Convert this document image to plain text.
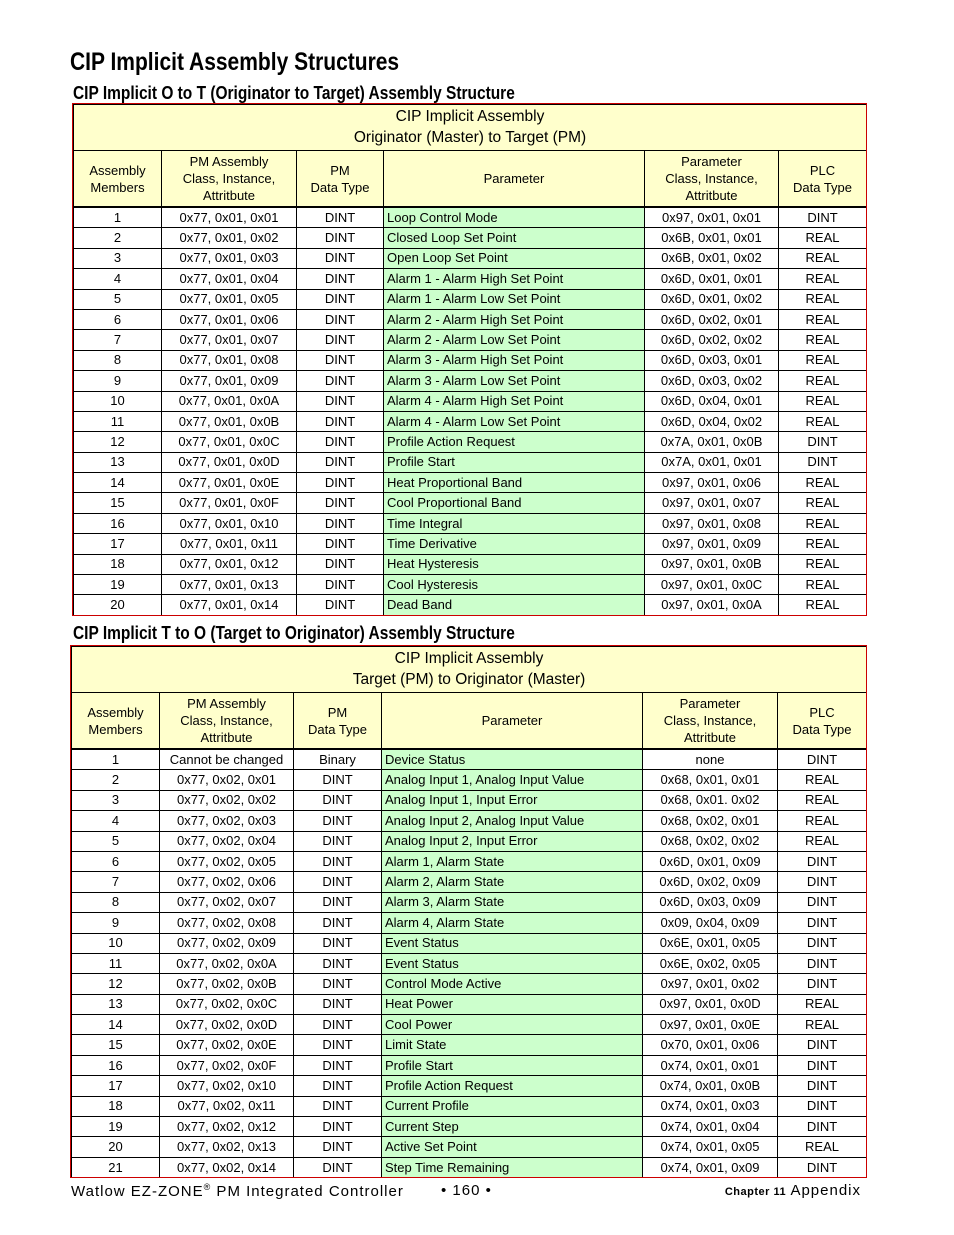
CIP Implicit Assembly Structures
CIP Implicit O to T (Originator to Target) Assembly Structure
CIP Implicit Assembly
Originator (Master) to Target (PM)					

Assembly
Members	PM Assembly
Class, Instance,
Attritbute	PM
Data Type	Parameter	Parameter
Class, Instance,
Attritbute	PLC
Data Type
1	0x77, 0x01, 0x01	DINT	Loop Control Mode	0x97, 0x01, 0x01	DINT
2	0x77, 0x01, 0x02	DINT	Closed Loop Set Point	0x6B, 0x01, 0x01	REAL
3	0x77, 0x01, 0x03	DINT	Open Loop Set Point	0x6B, 0x01, 0x02	REAL
4	0x77, 0x01, 0x04	DINT	Alarm 1 - Alarm High Set Point	0x6D, 0x01, 0x01	REAL
5	0x77, 0x01, 0x05	DINT	Alarm 1 - Alarm Low Set Point	0x6D, 0x01, 0x02	REAL
6	0x77, 0x01, 0x06	DINT	Alarm 2 - Alarm High Set Point	0x6D, 0x02, 0x01	REAL
7	0x77, 0x01, 0x07	DINT	Alarm 2 - Alarm Low Set Point	0x6D, 0x02, 0x02	REAL
8	0x77, 0x01, 0x08	DINT	Alarm 3 - Alarm High Set Point	0x6D, 0x03, 0x01	REAL
9	0x77, 0x01, 0x09	DINT	Alarm 3 - Alarm Low Set Point	0x6D, 0x03, 0x02	REAL
10	0x77, 0x01, 0x0A	DINT	Alarm 4 - Alarm High Set Point	0x6D, 0x04, 0x01	REAL
11	0x77, 0x01, 0x0B	DINT	Alarm 4 - Alarm Low Set Point	0x6D, 0x04, 0x02	REAL
12	0x77, 0x01, 0x0C	DINT	Profile Action Request	0x7A, 0x01, 0x0B	DINT
13	0x77, 0x01, 0x0D	DINT	Profile Start	0x7A, 0x01, 0x01	DINT
14	0x77, 0x01, 0x0E	DINT	Heat Proportional Band	0x97, 0x01, 0x06	REAL
15	0x77, 0x01, 0x0F	DINT	Cool Proportional Band	0x97, 0x01, 0x07	REAL
16	0x77, 0x01, 0x10	DINT	Time Integral	0x97, 0x01, 0x08	REAL
17	0x77, 0x01, 0x11	DINT	Time Derivative	0x97, 0x01, 0x09	REAL
18	0x77, 0x01, 0x12	DINT	Heat Hysteresis	0x97, 0x01, 0x0B	REAL
19	0x77, 0x01, 0x13	DINT	Cool Hysteresis	0x97, 0x01, 0x0C	REAL
20	0x77, 0x01, 0x14	DINT	Dead Band	0x97, 0x01, 0x0A	REAL
CIP Implicit T to O (Target to Originator) Assembly Structure
CIP Implicit Assembly
Target (PM) to Originator (Master)					

Assembly
Members	PM Assembly
Class, Instance,
Attritbute	PM
Data Type	Parameter	Parameter
Class, Instance,
Attritbute	PLC
Data Type
1	Cannot be changed	Binary	Device Status	none	DINT
2	0x77, 0x02, 0x01	DINT	Analog Input 1, Analog Input Value	0x68, 0x01, 0x01	REAL
3	0x77, 0x02, 0x02	DINT	Analog Input 1, Input Error	0x68, 0x01. 0x02	REAL
4	0x77, 0x02, 0x03	DINT	Analog Input 2, Analog Input Value	0x68, 0x02, 0x01	REAL
5	0x77, 0x02, 0x04	DINT	Analog Input 2, Input Error	0x68, 0x02, 0x02	REAL
6	0x77, 0x02, 0x05	DINT	Alarm 1, Alarm State	0x6D, 0x01, 0x09	DINT
7	0x77, 0x02, 0x06	DINT	Alarm 2, Alarm State	0x6D, 0x02, 0x09	DINT
8	0x77, 0x02, 0x07	DINT	Alarm 3, Alarm State	0x6D, 0x03, 0x09	DINT
9	0x77, 0x02, 0x08	DINT	Alarm 4, Alarm State	0x09, 0x04, 0x09	DINT
10	0x77, 0x02, 0x09	DINT	Event Status	0x6E, 0x01, 0x05	DINT
11	0x77, 0x02, 0x0A	DINT	Event Status	0x6E, 0x02, 0x05	DINT
12	0x77, 0x02, 0x0B	DINT	Control Mode Active	0x97, 0x01, 0x02	DINT
13	0x77, 0x02, 0x0C	DINT	Heat Power	0x97, 0x01, 0x0D	REAL
14	0x77, 0x02, 0x0D	DINT	Cool Power	0x97, 0x01, 0x0E	REAL
15	0x77, 0x02, 0x0E	DINT	Limit State	0x70, 0x01, 0x06	DINT
16	0x77, 0x02, 0x0F	DINT	Profile Start	0x74, 0x01, 0x01	DINT
17	0x77, 0x02, 0x10	DINT	Profile Action Request	0x74, 0x01, 0x0B	DINT
18	0x77, 0x02, 0x11	DINT	Current Profile	0x74, 0x01, 0x03	DINT
19	0x77, 0x02, 0x12	DINT	Current Step	0x74, 0x01, 0x04	DINT
20	0x77, 0x02, 0x13	DINT	Active Set Point	0x74, 0x01, 0x05	REAL
21	0x77, 0x02, 0x14	DINT	Step Time Remaining	0x74, 0x01, 0x09	DINT
Watlow EZ-ZONE® PM Integrated Controller • 160 •	Chapter 11 Appendix
